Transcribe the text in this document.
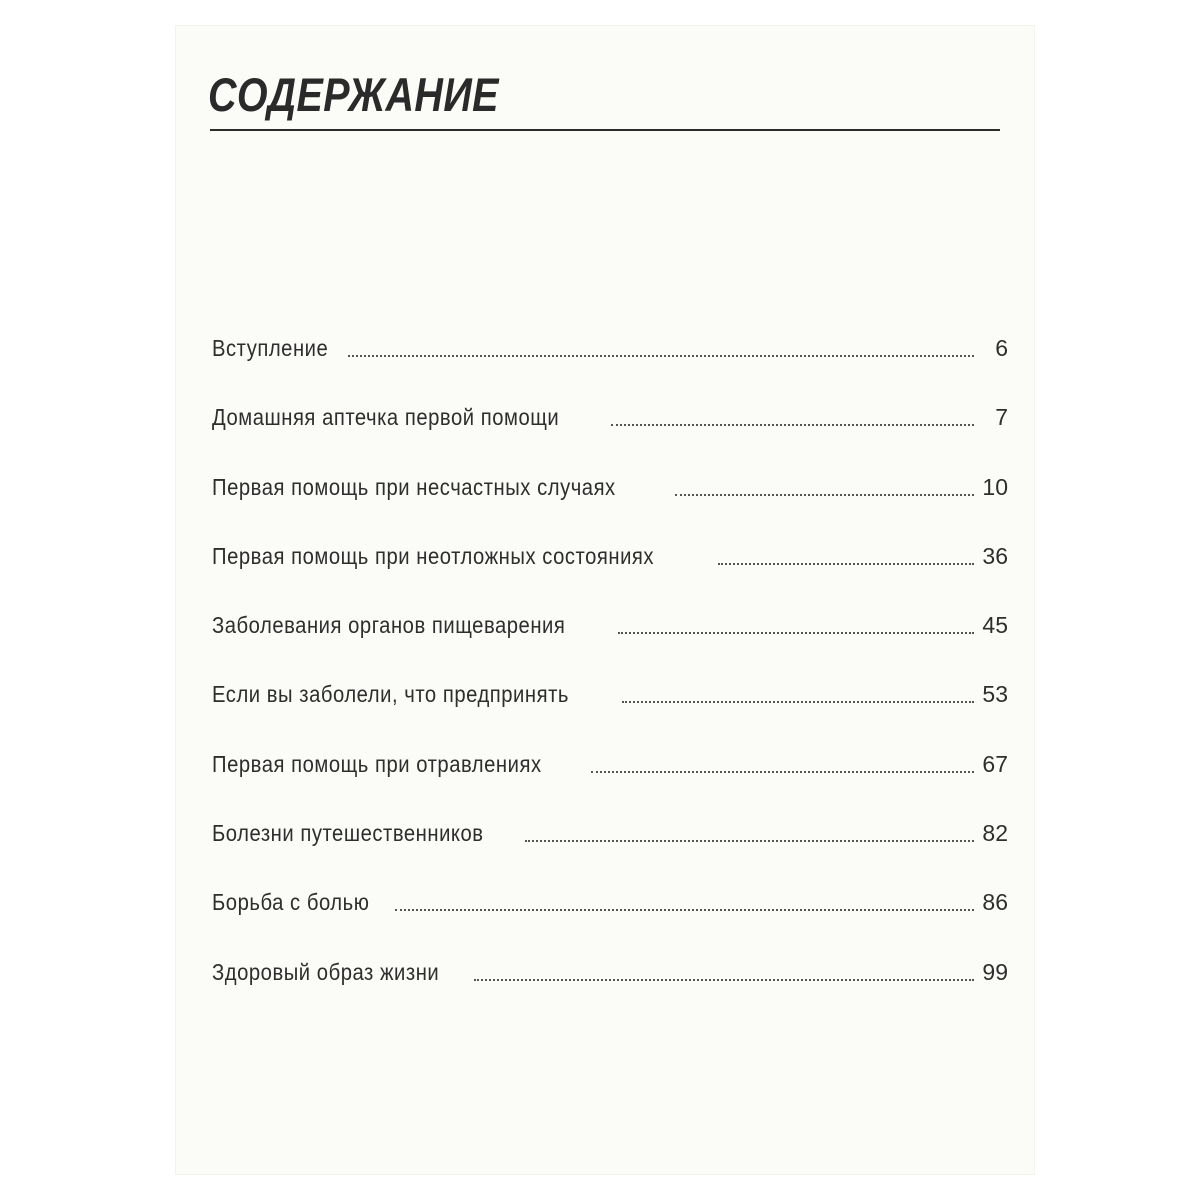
СОДЕРЖАНИЕ
Вступление	6
Домашняя аптечка первой помощи	7
Первая помощь при несчастных случаях	10
Первая помощь при неотложных состояниях	36
Заболевания органов пищеварения	45
Если вы заболели, что предпринять	53
Первая помощь при отравлениях	67
Болезни путешественников	82
Борьба с болью	86
Здоровый образ жизни	99
